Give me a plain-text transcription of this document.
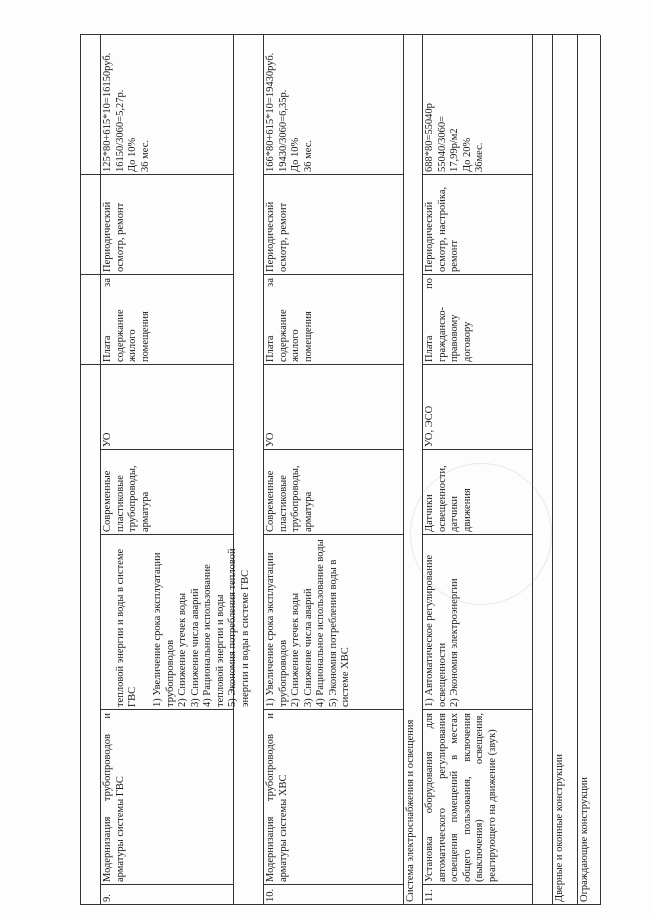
9.
Модернизация трубопроводов и арматуры системы ГВС

тепловой энергии и воды в системе ГВС 1) Увеличение срока эксплуатации трубопроводов
2) Снижение утечек воды
3) Снижение числа аварий
4) Рациональное использование тепловой энергии и воды
5) Экономия потребления тепловой энергии и воды в системе ГВС

Современные пластиковые трубопроводы, арматура
УО
Плата за содержание жилого помещения
Периодический осмотр, ремонт
125*80+615*10=16150руб.
16150/3060=5,27р.
До 10%
36 мес.
10.
Модернизация трубопроводов и арматуры системы ХВС
1) Увеличение срока эксплуатации трубопроводов
2) Снижение утечек воды
3) Снижение числа аварий
4) Рациональное использование воды
5) Экономия потребления воды в системе ХВС
Современные пластиковые трубопроводы, арматура
УО
Плата за содержание жилого помещения
Периодический осмотр, ремонт
166*80+615*10=19430руб.
19430/3060=6,35р.
До 10%
36 мес.
Система электроснабжения и освещения 11.
Установка оборудования для автоматического регулирования освещения помещений в местах общего пользования, включения (выключения) освещения, реагирующего на движение (звук)
1) Автоматическое регулирование освещенности
2) Экономия электроэнергии
Датчики освещенности, датчики движения
УО, ЭСО
Плата по гражданско-правовому договору
Периодический осмотр, настройка, ремонт
688*80=55040р
55040/3060=
17,99р/м2
До 20%
36мес.
Дверные и оконные конструкции	Ограждающие конструкции
